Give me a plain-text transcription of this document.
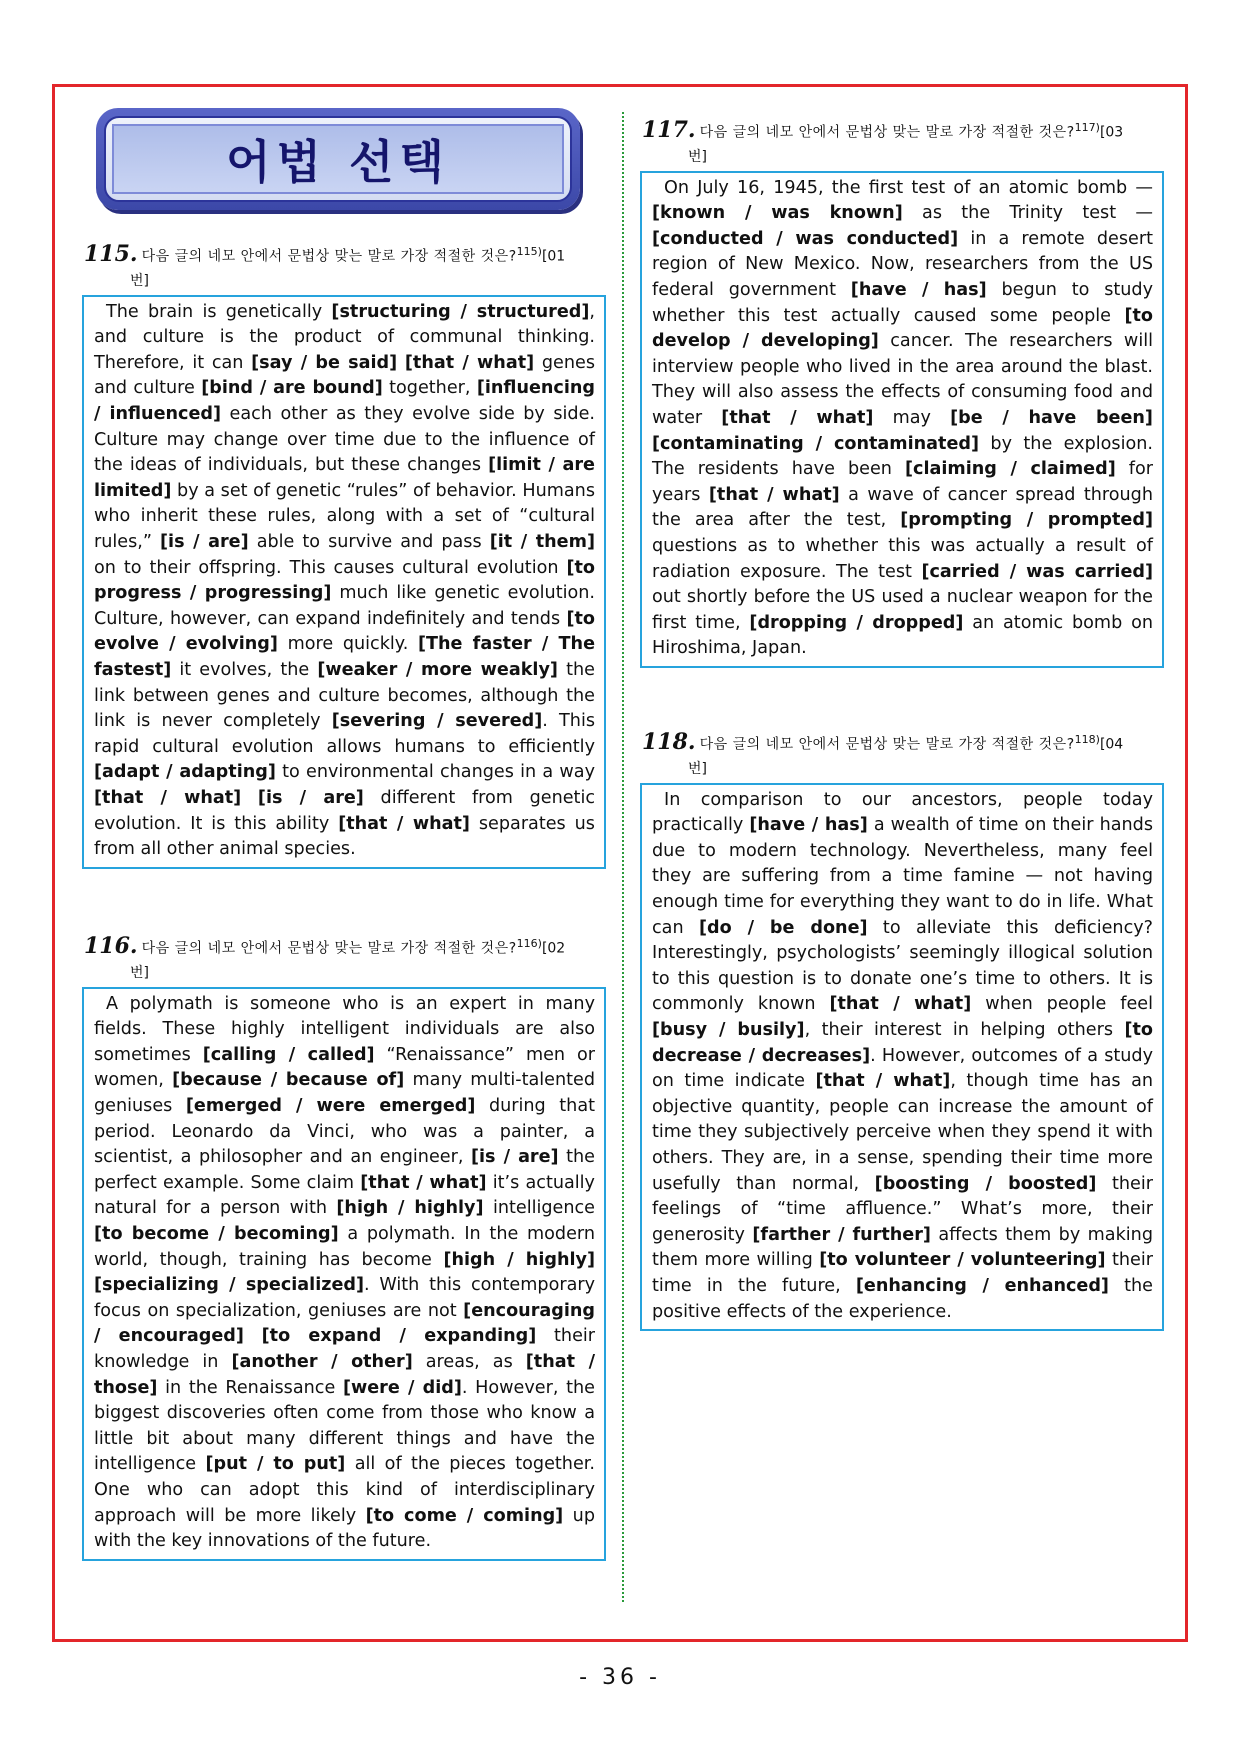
어법 선택
115. 다음 글의 네모 안에서 문법상 맞는 말로 가장 적절한 것은?$^{115)}$[01
번]
The brain is genetically [structuring / structured], and culture is the product of communal thinking. Therefore, it can [say / be said] [that / what] genes and culture [bind / are bound] together, [influencing / influenced] each other as they evolve side by side. Culture may change over time due to the influence of the ideas of individuals, but these changes [limit / are limited] by a set of genetic “rules” of behavior. Humans who inherit these rules, along with a set of “cultural rules,” [is / are] able to survive and pass [it / them] on to their offspring. This causes cultural evolution [to progress / progressing] much like genetic evolution. Culture, however, can expand indefinitely and tends [to evolve / evolving] more quickly. [The faster / The fastest] it evolves, the [weaker / more weakly] the link between genes and culture becomes, although the link is never completely [severing / severed]. This rapid cultural evolution allows humans to efficiently [adapt / adapting] to environmental changes in a way [that / what] [is / are] different from genetic evolution. It is this ability [that / what] separates us from all other animal species.
116. 다음 글의 네모 안에서 문법상 맞는 말로 가장 적절한 것은?$^{116)}$[02
번]
A polymath is someone who is an expert in many fields. These highly intelligent individuals are also sometimes [calling / called] “Renaissance” men or women, [because / because of] many multi-talented geniuses [emerged / were emerged] during that period. Leonardo da Vinci, who was a painter, a scientist, a philosopher and an engineer, [is / are] the perfect example. Some claim [that / what] it’s actually natural for a person with [high / highly] intelligence [to become / becoming] a polymath. In the modern world, though, training has become [high / highly] [specializing / specialized]. With this contemporary focus on specialization, geniuses are not [encouraging / encouraged] [to expand / expanding] their knowledge in [another / other] areas, as [that / those] in the Renaissance [were / did]. However, the biggest discoveries often come from those who know a little bit about many different things and have the intelligence [put / to put] all of the pieces together. One who can adopt this kind of interdisciplinary approach will be more likely [to come / coming] up with the key innovations of the future.
117. 다음 글의 네모 안에서 문법상 맞는 말로 가장 적절한 것은?$^{117)}$[03
번]
On July 16, 1945, the first test of an atomic bomb — [known / was known] as the Trinity test — [conducted / was conducted] in a remote desert region of New Mexico. Now, researchers from the US federal government [have / has] begun to study whether this test actually caused some people [to develop / developing] cancer. The researchers will interview people who lived in the area around the blast. They will also assess the effects of consuming food and water [that / what] may [be / have been] [contaminating / contaminated] by the explosion. The residents have been [claiming / claimed] for years [that / what] a wave of cancer spread through the area after the test, [prompting / prompted] questions as to whether this was actually a result of radiation exposure. The test [carried / was carried] out shortly before the US used a nuclear weapon for the first time, [dropping / dropped] an atomic bomb on Hiroshima, Japan.
118. 다음 글의 네모 안에서 문법상 맞는 말로 가장 적절한 것은?$^{118)}$[04
번]
In comparison to our ancestors, people today practically [have / has] a wealth of time on their hands due to modern technology. Nevertheless, many feel they are suffering from a time famine — not having enough time for everything they want to do in life. What can [do / be done] to alleviate this deficiency? Interestingly, psychologists’ seemingly illogical solution to this question is to donate one’s time to others. It is commonly known [that / what] when people feel [busy / busily], their interest in helping others [to decrease / decreases]. However, outcomes of a study on time indicate [that / what], though time has an objective quantity, people can increase the amount of time they subjectively perceive when they spend it with others. They are, in a sense, spending their time more usefully than normal, [boosting / boosted] their feelings of “time affluence.” What’s more, their generosity [farther / further] affects them by making them more willing [to volunteer / volunteering] their time in the future, [enhancing / enhanced] the positive effects of the experience.
- 36 -
